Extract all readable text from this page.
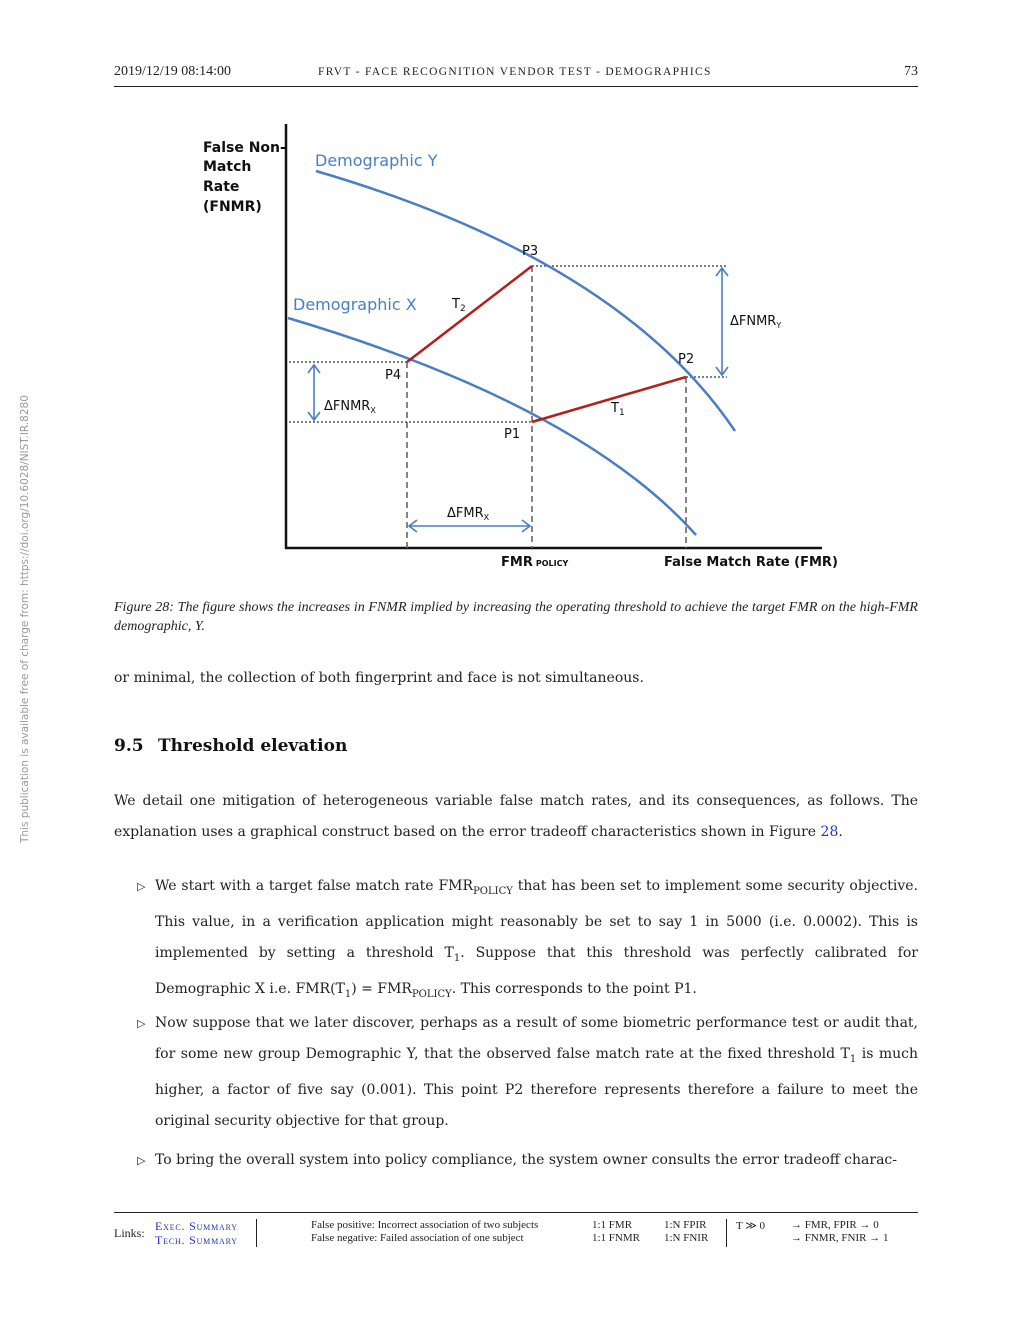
2019/12/19 08:14:00	FRVT - FACE RECOGNITION VENDOR TEST - DEMOGRAPHICS	73
This publication is available free of charge from: https://doi.org/10.6028/NIST.IR.8280
False Non-
Match
Rate
(FNMR)
Demographic Y
Demographic X
P3
P2
P4
P1
$T_2$
$T_1$
$\Delta FNMR_Y$
$\Delta FNMR_X$
$\Delta FMR_X$
FMR POLICY	False Match Rate (FMR)
Figure 28: The figure shows the increases in FNMR implied by increasing the operating threshold to achieve the target FMR on the high-FMR demographic, Y.
or minimal, the collection of both fingerprint and face is not simultaneous.
9.5 Threshold elevation
We detail one mitigation of heterogeneous variable false match rates, and its consequences, as follows. The explanation uses a graphical construct based on the error tradeoff characteristics shown in Figure 28.
▷ We start with a target false match rate $FMR_{POLICY}$ that has been set to implement some security objective. This value, in a verification application might reasonably be set to say 1 in 5000 (i.e. 0.0002). This is implemented by setting a threshold $T_1$. Suppose that this threshold was perfectly calibrated for Demographic X i.e. $FMR(T_1) = FMR_{POLICY}$. This corresponds to the point P1.
▷ Now suppose that we later discover, perhaps as a result of some biometric performance test or audit that, for some new group Demographic Y, that the observed false match rate at the fixed threshold $T_1$ is much higher, a factor of five say (0.001). This point P2 therefore represents therefore a failure to meet the original security objective for that group.
▷ To bring the overall system into policy compliance, the system owner consults the error tradeoff charac-
Links: Exec. Summary
Tech. Summary
False positive: Incorrect association of two subjects
False negative: Failed association of one subject
1:1 FMR
1:1 FNMR
1:N FPIR
1:N FNIR
T ≫ 0 → FMR, FPIR → 0
→ FNMR, FNIR → 1
